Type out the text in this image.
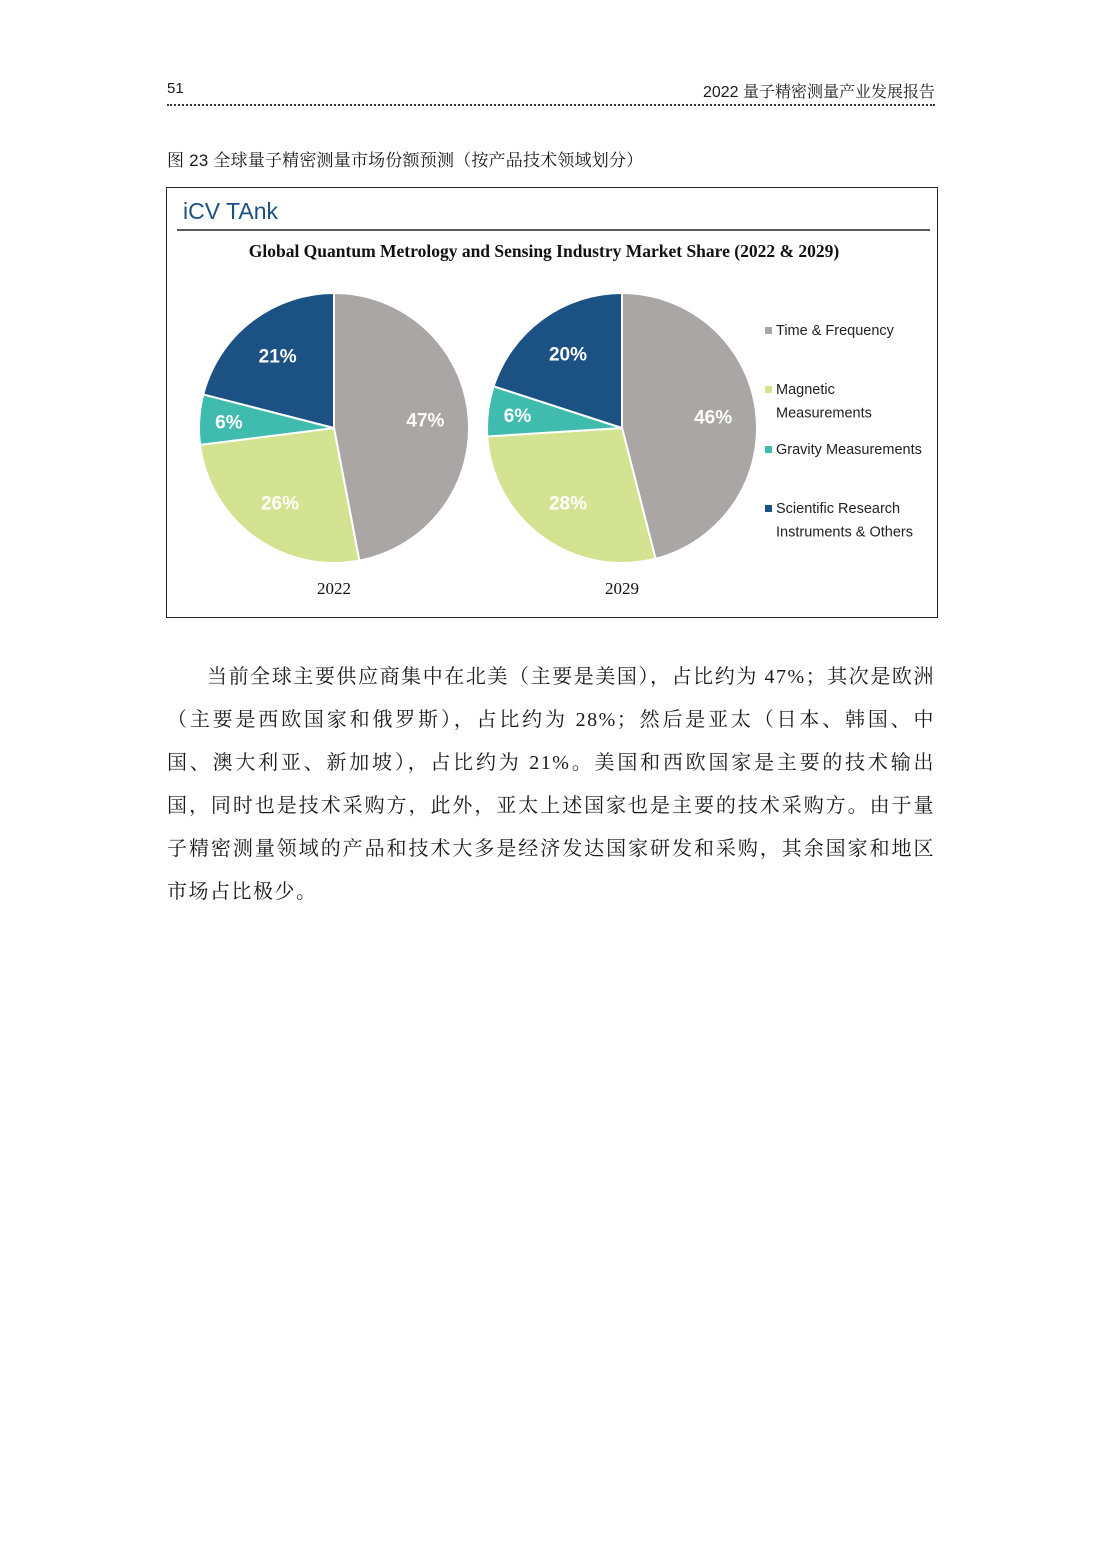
51	2022 量子精密测量产业发展报告
图 23 全球量子精密测量市场份额预测（按产品技术领域划分）
iCV TAnk
Global Quantum Metrology and Sensing Industry Market Share (2022 & 2029)
47%
26%
6%
21%
2022
46%
28%
6%
20%
2029
Time & Frequency
Magnetic
Measurements
Gravity Measurements
Scientific Research
Instruments & Others

当前全球主要供应商集中在北美（主要是美国），占比约为 47%；其次是欧洲（主要是西欧国家和俄罗斯），占比约为 28%；然后是亚太（日本、韩国、中国、澳大利亚、新加坡），占比约为 21%。美国和西欧国家是主要的技术输出国，同时也是技术采购方，此外，亚太上述国家也是主要的技术采购方。由于量子精密测量领域的产品和技术大多是经济发达国家研发和采购，其余国家和地区市场占比极少。
